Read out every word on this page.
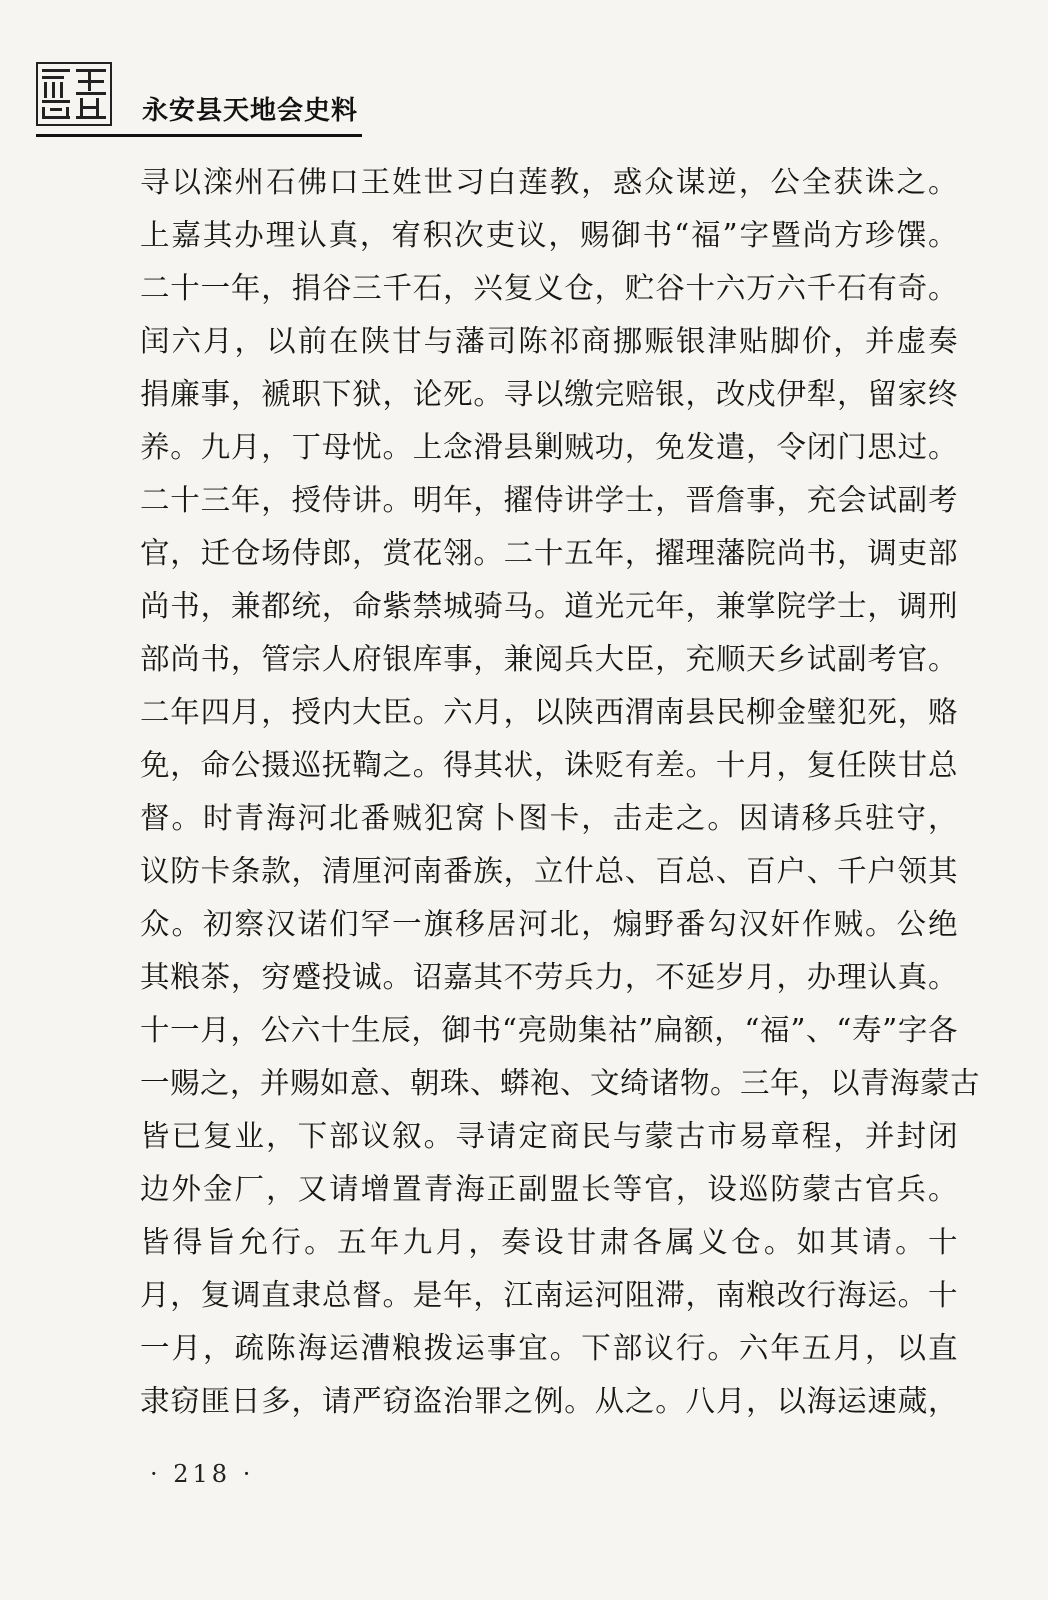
永安县天地会史料
寻以滦州石佛口王姓世习白莲教，惑众谋逆，公全获诛之。
上嘉其办理认真，宥积次吏议，赐御书“福”字暨尚方珍馔。
二十一年，捐谷三千石，兴复义仓，贮谷十六万六千石有奇。
闰六月，以前在陕甘与藩司陈祁商挪赈银津贴脚价，并虚奏
捐廉事，褫职下狱，论死。寻以缴完赔银，改戍伊犁，留家终
养。九月，丁母忧。上念滑县剿贼功，免发遣，令闭门思过。
二十三年，授侍讲。明年，擢侍讲学士，晋詹事，充会试副考
官，迁仓场侍郎，赏花翎。二十五年，擢理藩院尚书，调吏部
尚书，兼都统，命紫禁城骑马。道光元年，兼掌院学士，调刑
部尚书，管宗人府银库事，兼阅兵大臣，充顺天乡试副考官。
二年四月，授内大臣。六月，以陕西渭南县民柳金璧犯死，赂
免，命公摄巡抚鞫之。得其状，诛贬有差。十月，复任陕甘总
督。时青海河北番贼犯窝卜图卡，击走之。因请移兵驻守，
议防卡条款，清厘河南番族，立什总、百总、百户、千户领其
众。初察汉诺们罕一旗移居河北，煽野番勾汉奸作贼。公绝
其粮茶，穷蹙投诚。诏嘉其不劳兵力，不延岁月，办理认真。
十一月，公六十生辰，御书“亮勋集祜”扁额，“福”、“寿”字各
一赐之，并赐如意、朝珠、蟒袍、文绮诸物。三年，以青海蒙古
皆已复业，下部议叙。寻请定商民与蒙古市易章程，并封闭
边外金厂，又请增置青海正副盟长等官，设巡防蒙古官兵。
皆得旨允行。五年九月，奏设甘肃各属义仓。如其请。十
月，复调直隶总督。是年，江南运河阻滞，南粮改行海运。十
一月，疏陈海运漕粮拨运事宜。下部议行。六年五月，以直
隶窃匪日多，请严窃盗治罪之例。从之。八月，以海运速蒇，
· 218 ·
